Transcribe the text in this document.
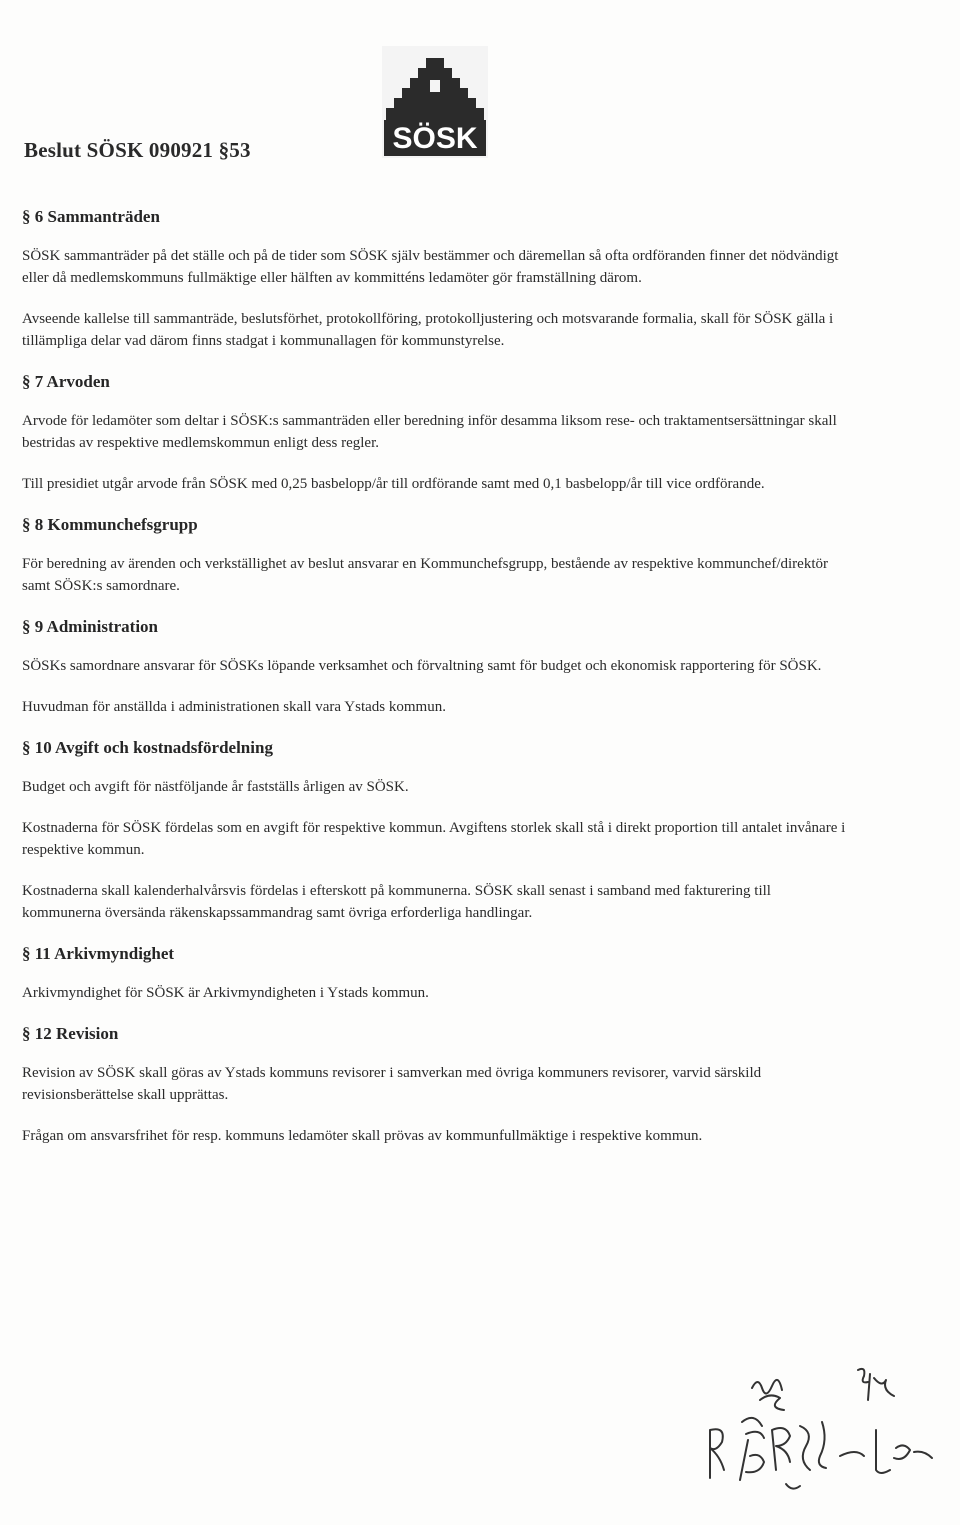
SÖSK
Beslut SÖSK 090921 §53
§ 6 Sammanträden

SÖSK sammanträder på det ställe och på de tider som SÖSK själv bestämmer och däremellan så ofta ordföranden finner det nödvändigt eller då medlemskommuns fullmäktige eller hälften av kommitténs ledamöter gör framställning därom.

Avseende kallelse till sammanträde, beslutsförhet, protokollföring, protokolljustering och motsvarande formalia, skall för SÖSK gälla i tillämpliga delar vad därom finns stadgat i kommunallagen för kommunstyrelse.

§ 7 Arvoden

Arvode för ledamöter som deltar i SÖSK:s sammanträden eller beredning inför desamma liksom rese- och traktamentsersättningar skall bestridas av respektive medlemskommun enligt dess regler.

Till presidiet utgår arvode från SÖSK med 0,25 basbelopp/år till ordförande samt med 0,1 basbelopp/år till vice ordförande.

§ 8 Kommunchefsgrupp

För beredning av ärenden och verkställighet av beslut ansvarar en Kommunchefsgrupp, bestående av respektive kommunchef/direktör samt SÖSK:s samordnare.

§ 9 Administration

SÖSKs samordnare ansvarar för SÖSKs löpande verksamhet och förvaltning samt för budget och ekonomisk rapportering för SÖSK.

Huvudman för anställda i administrationen skall vara Ystads kommun.

§ 10 Avgift och kostnadsfördelning

Budget och avgift för nästföljande år fastställs årligen av SÖSK.

Kostnaderna för SÖSK fördelas som en avgift för respektive kommun. Avgiftens storlek skall stå i direkt proportion till antalet invånare i respektive kommun.

Kostnaderna skall kalenderhalvårsvis fördelas i efterskott på kommunerna. SÖSK skall senast i samband med fakturering till kommunerna översända räkenskapssammandrag samt övriga erforderliga handlingar.

§ 11 Arkivmyndighet

Arkivmyndighet för SÖSK är Arkivmyndigheten i Ystads kommun.

§ 12 Revision

Revision av SÖSK skall göras av Ystads kommuns revisorer i samverkan med övriga kommuners revisorer, varvid särskild revisionsberättelse skall upprättas.

Frågan om ansvarsfrihet för resp. kommuns ledamöter skall prövas av kommunfullmäktige i respektive kommun.
